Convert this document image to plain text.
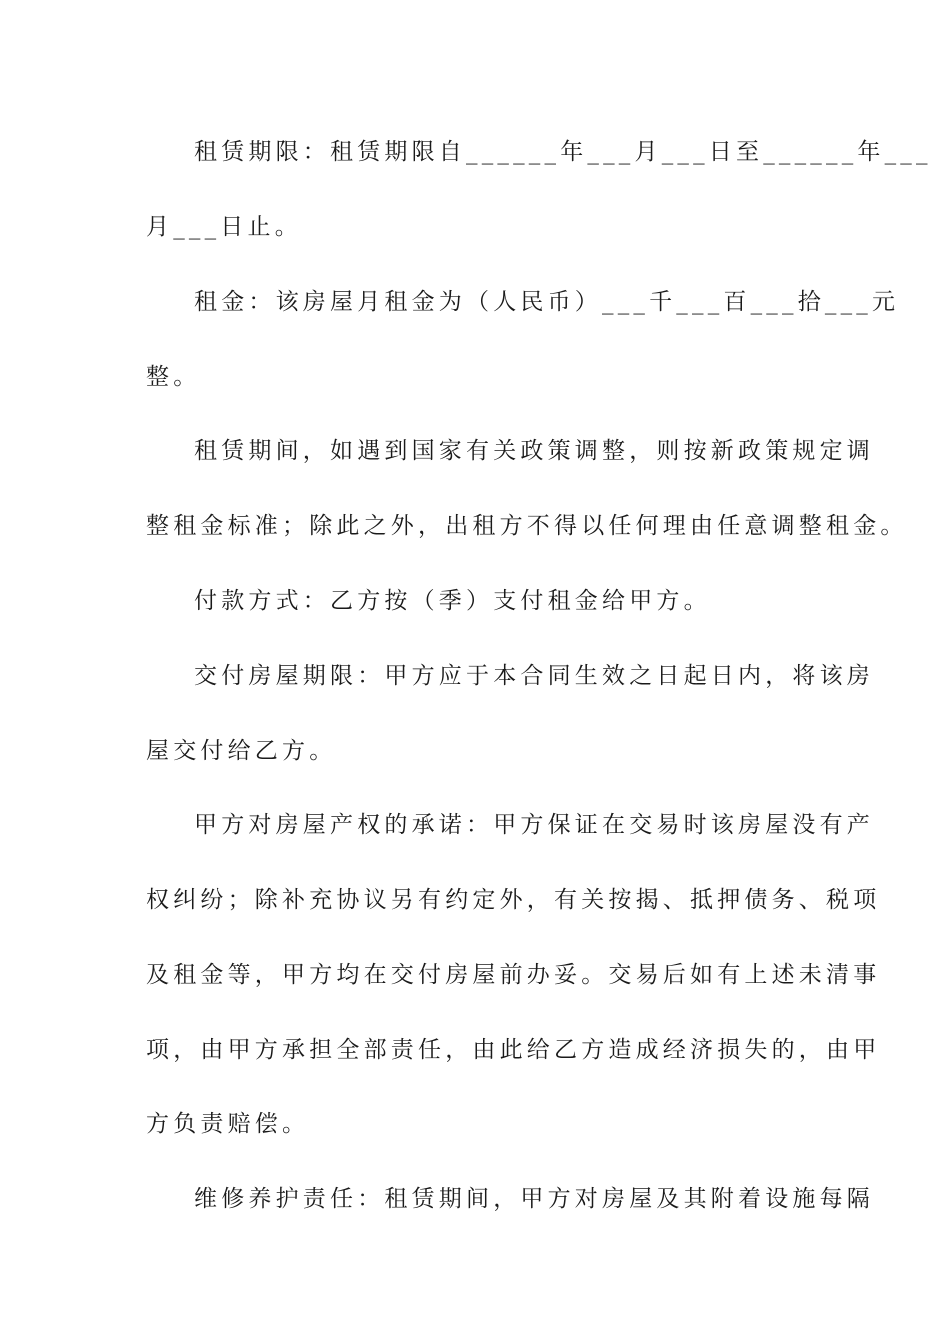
租赁期限：租赁期限自______年___月___日至______年___
月___日止。
租金：该房屋月租金为（人民币）___千___百___拾___元
整。
租赁期间，如遇到国家有关政策调整，则按新政策规定调
整租金标准；除此之外，出租方不得以任何理由任意调整租金。
付款方式：乙方按（季）支付租金给甲方。
交付房屋期限：甲方应于本合同生效之日起日内，将该房
屋交付给乙方。
甲方对房屋产权的承诺：甲方保证在交易时该房屋没有产
权纠纷；除补充协议另有约定外，有关按揭、抵押债务、税项
及租金等，甲方均在交付房屋前办妥。交易后如有上述未清事
项，由甲方承担全部责任，由此给乙方造成经济损失的，由甲
方负责赔偿。
维修养护责任：租赁期间，甲方对房屋及其附着设施每隔
